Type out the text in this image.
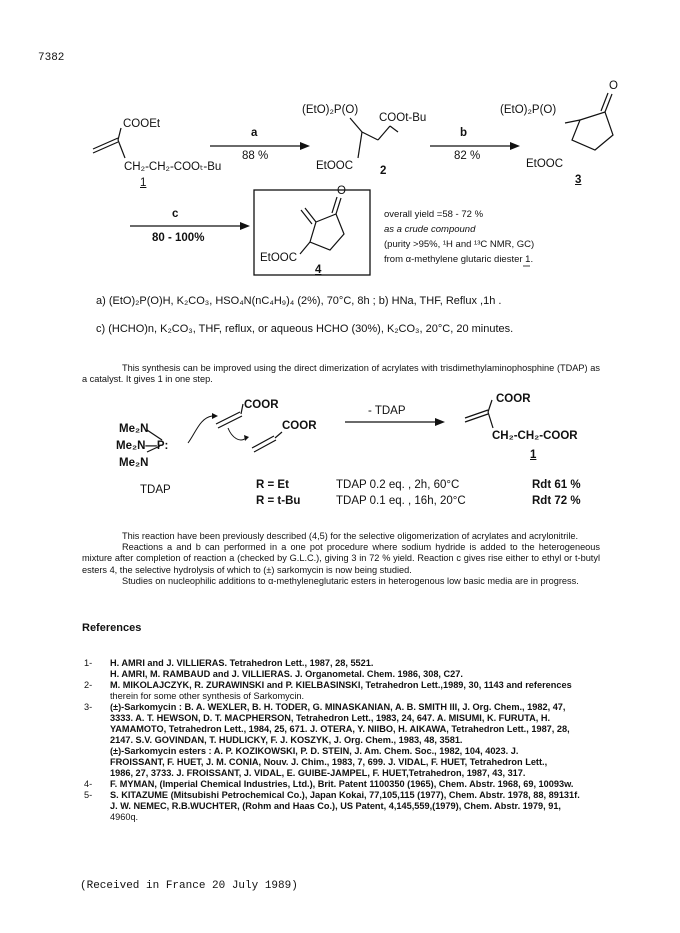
7382
COOEt
CH₂-CH₂-COOₜ-Bu
1
a
88 %
(EtO)₂P(O)
COOt-Bu
EtOOC 2
b
82 %
(EtO)₂P(O)
O
EtOOC
3
c
80 - 100%
O
EtOOC
4
overall yield =58 - 72 %
as a crude compound
(purity >95%, ¹H and ¹³C NMR, GC)
from α-methylene glutaric diester 1.
a) (EtO)₂P(O)H, K₂CO₃, HSO₄N(nC₄H₉)₄ (2%), 70°C, 8h ; b) HNa, THF, Reflux ,1h .
c) (HCHO)n, K₂CO₃, THF, reflux, or aqueous HCHO (30%), K₂CO₃, 20°C, 20 minutes.
This synthesis can be improved using the direct dimerization of acrylates with trisdimethylaminophosphine (TDAP) as a catalyst. It gives 1 in one step.
COOR
COOR
Me₂N
Me₂N—P:
Me₂N
- TDAP
COOR
CH₂-CH₂-COOR
1
TDAP	R = Et	TDAP 0.2 eq. , 2h, 60°C	Rdt 61 %
R = t-Bu	TDAP 0.1 eq. , 16h, 20°C	Rdt 72 %
This reaction have been previously described (4,5) for the selective oligomerization of acrylates and acrylonitrile.
Reactions a and b can performed in a one pot procedure where sodium hydride is added to the heterogeneous mixture after completion of reaction a (checked by G.L.C.), giving 3 in 72 % yield. Reaction c gives rise either to ethyl or t-butyl esters 4, the selective hydrolysis of which to (±) sarkomycin is now being studied.
Studies on nucleophilic additions to α-methyleneglutaric esters in heterogenous low basic media are in progress.
References
1-	H. AMRI and J. VILLIERAS. Tetrahedron Lett., 1987, 28, 5521.
H. AMRI, M. RAMBAUD and J. VILLIERAS. J. Organometal. Chem. 1986, 308, C27.
2-	M. MIKOLAJCZYK, R. ZURAWINSKI and P. KIELBASINSKI, Tetrahedron Lett.,1989, 30, 1143 and references
therein for some other synthesis of Sarkomycin.
3-	(±)-Sarkomycin : B. A. WEXLER, B. H. TODER, G. MINASKANIAN, A. B. SMITH III, J. Org. Chem., 1982, 47,
3333. A. T. HEWSON, D. T. MACPHERSON, Tetrahedron Lett., 1983, 24, 647. A. MISUMI, K. FURUTA, H.
YAMAMOTO, Tetrahedron Lett., 1984, 25, 671. J. OTERA, Y. NIIBO, H. AIKAWA, Tetrahedron Lett., 1987, 28,
2147. S.V. GOVINDAN, T. HUDLICKY, F. J. KOSZYK, J. Org. Chem., 1983, 48, 3581.
(±)-Sarkomycin esters : A. P. KOZIKOWSKI, P. D. STEIN, J. Am. Chem. Soc., 1982, 104, 4023. J.
FROISSANT, F. HUET, J. M. CONIA, Nouv. J. Chim., 1983, 7, 699. J. VIDAL, F. HUET, Tetrahedron Lett.,
1986, 27, 3733. J. FROISSANT, J. VIDAL, E. GUIBE-JAMPEL, F. HUET,Tetrahedron, 1987, 43, 317.
4-	F. MYMAN, (Imperial Chemical Industries, Ltd.), Brit. Patent 1100350 (1965), Chem. Abstr. 1968, 69, 10093w.
5-	S. KITAZUME (Mitsubishi Petrochemical Co.), Japan Kokai, 77,105,115 (1977), Chem. Abstr. 1978, 88, 89131f.
J. W. NEMEC, R.B.WUCHTER, (Rohm and Haas Co.), US Patent, 4,145,559,(1979), Chem. Abstr. 1979, 91,
4960q.
(Received in France 20 July 1989)
